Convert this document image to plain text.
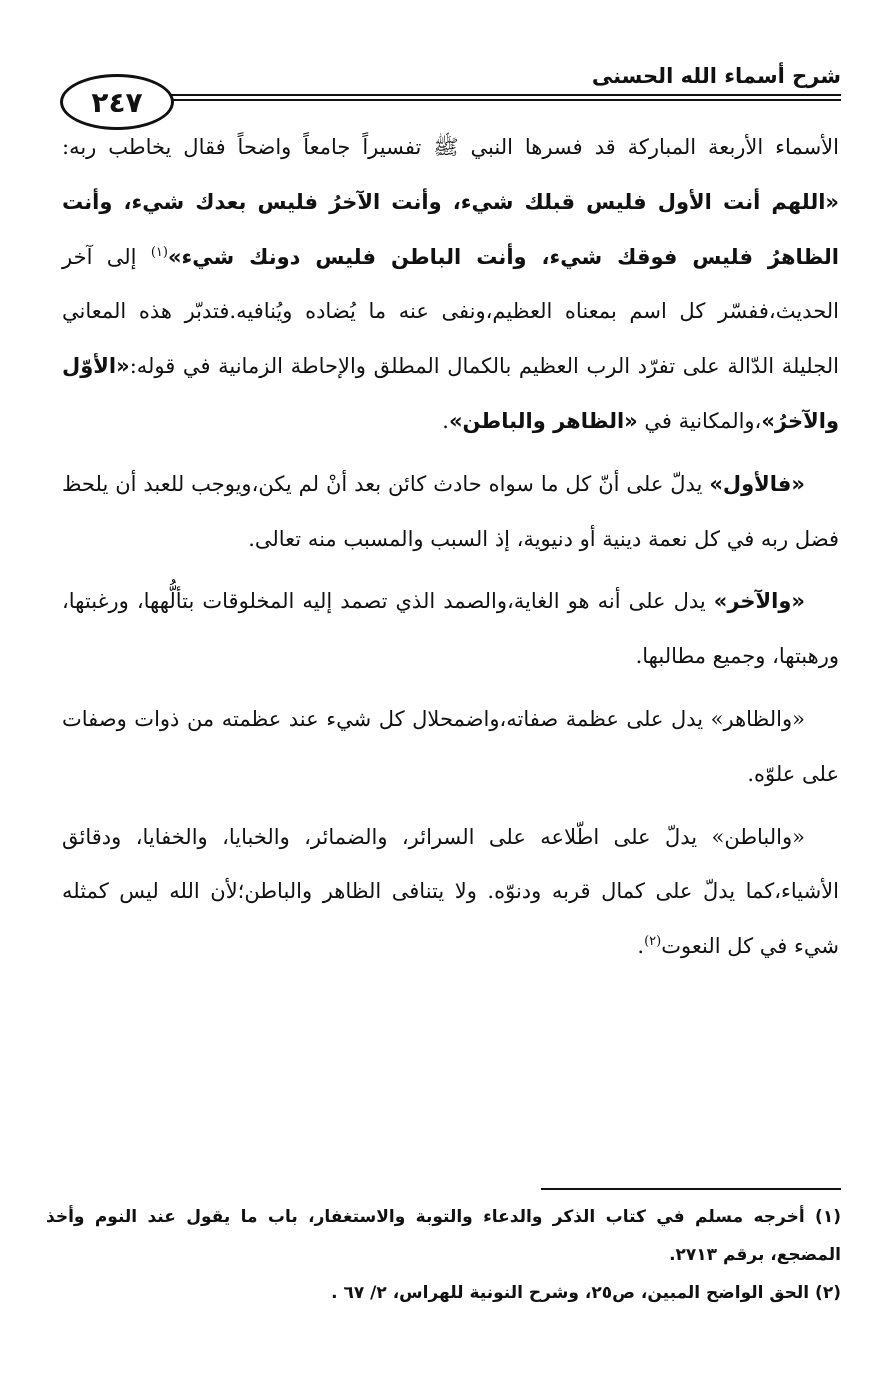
شرح أسماء الله الحسنى
٢٤٧

الأسماء الأربعة المباركة قد فسرها النبي ﷺ تفسيراً جامعاً واضحاً فقال يخاطب ربه: «اللهم أنت الأول فليس قبلك شيء، وأنت الآخرُ فليس بعدك شيء، وأنت الظاهرُ فليس فوقك شيء، وأنت الباطن فليس دونك شيء»$^{(١)}$ إلى آخر الحديث،ففسّر كل اسم بمعناه العظيم،ونفى عنه ما يُضاده ويُنافيه.فتدبّر هذه المعاني الجليلة الدّالة على تفرّد الرب العظيم بالكمال المطلق والإحاطة الزمانية في قوله:«الأوّل والآخرُ»،والمكانية في «الظاهر والباطن».

«فالأول» يدلّ على أنّ كل ما سواه حادث كائن بعد أنْ لم يكن،ويوجب للعبد أن يلحظ فضل ربه في كل نعمة دينية أو دنيوية، إذ السبب والمسبب منه تعالى.

«والآخر» يدل على أنه هو الغاية،والصمد الذي تصمد إليه المخلوقات بتألُّهها، ورغبتها، ورهبتها، وجميع مطالبها.

«والظاهر» يدل على عظمة صفاته،واضمحلال كل شيء عند عظمته من ذوات وصفات على علوّه.

«والباطن» يدلّ على اطّلاعه على السرائر، والضمائر، والخبايا، والخفايا، ودقائق الأشياء،كما يدلّ على كمال قربه ودنوّه. ولا يتنافى الظاهر والباطن؛لأن الله ليس كمثله شيء في كل النعوت$^{(٢)}$.

(١) أخرجه مسلم في كتاب الذكر والدعاء والتوبة والاستغفار، باب ما يقول عند النوم وأخذ المضجع، برقم ٢٧١٣.

(٢) الحق الواضح المبين، ص٢٥، وشرح النونية للهراس، ٢/ ٦٧ .
